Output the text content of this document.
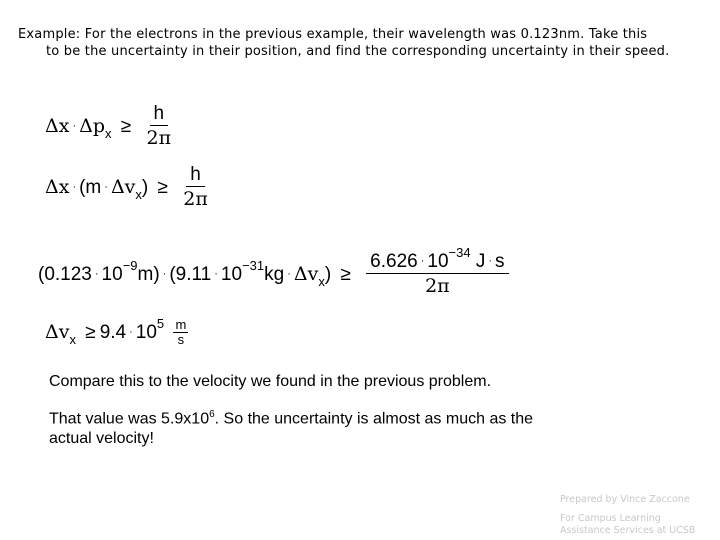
Example: For the electrons in the previous example, their wavelength was 0.123nm. Take this
to be the uncertainty in their position, and find the corresponding uncertainty in their speed.
$\Delta x \cdot \Delta px \ge \frac{h}{2\pi}$
$\Delta x \cdot (m \cdot \Delta vx) \ge \frac{h}{2\pi}$
$(0.123 \cdot 10-9m) \cdot (9.11 \cdot 10-31kg \cdot \Delta vx) \ge \frac{6.626 \cdot 10-34 J \cdot s}{2\pi}$
$\Delta vx \ge 9.4 \cdot 105 \frac{m}{s}$
Compare this to the velocity we found in the previous problem.
That value was $5.9x10^6$. So the uncertainty is almost as much as the
actual velocity!
Prepared by Vince Zaccone
For Campus Learning
Assistance Services at UCSB
